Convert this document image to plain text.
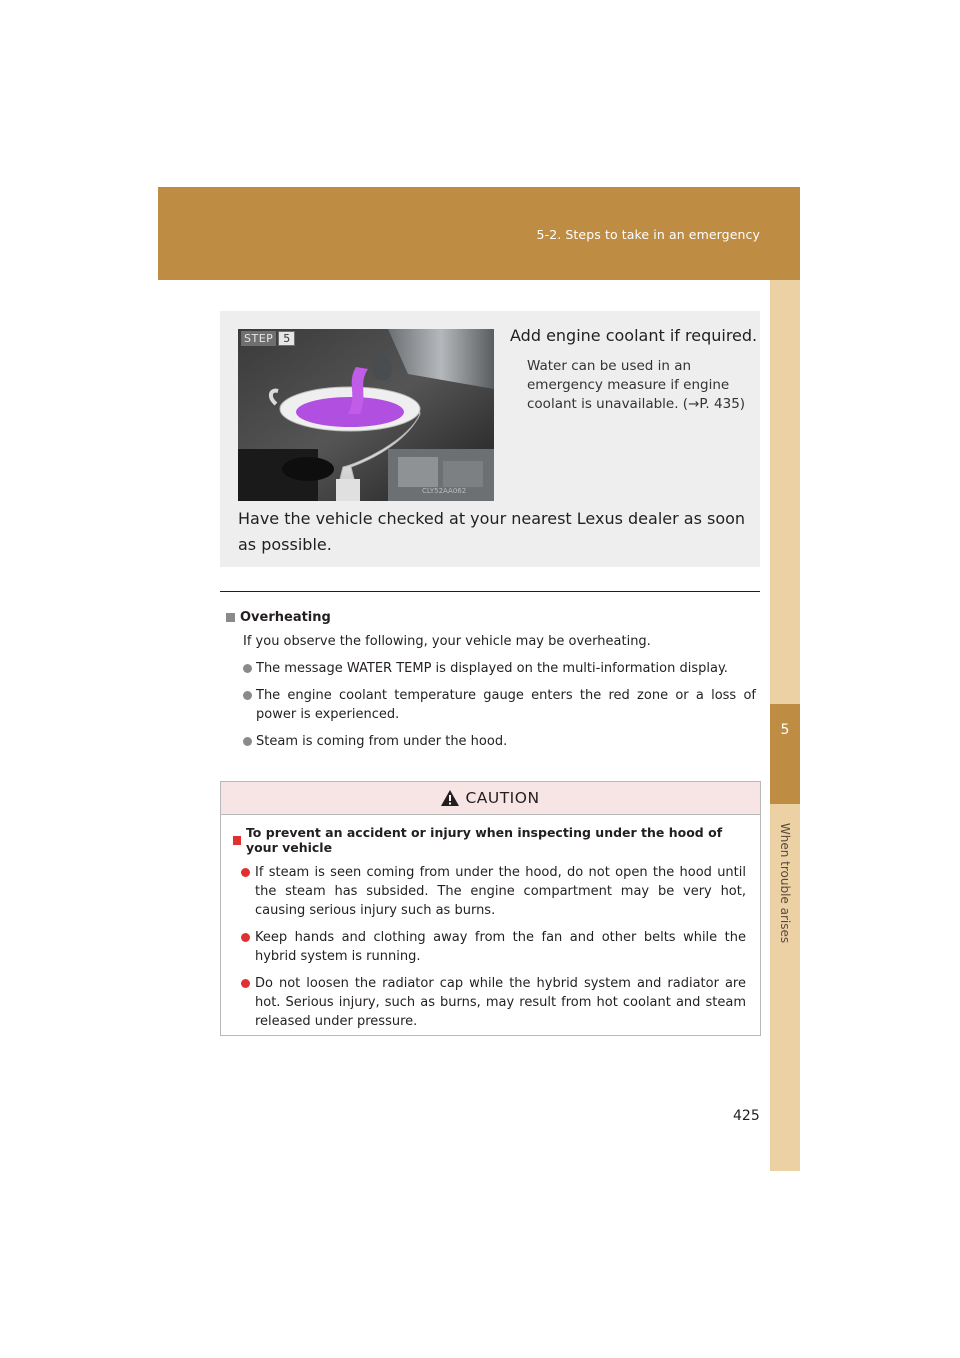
5-2. Steps to take in an emergency
5
When trouble arises
CLY52AA062
STEP 5	Add engine coolant if required.
Water can be used in an emergency measure if engine coolant is unavailable. (→P. 435)
Have the vehicle checked at your nearest Lexus dealer as soon as possible.
Overheating
If you observe the following, your vehicle may be overheating.
The message WATER TEMP is displayed on the multi-information display.
The engine coolant temperature gauge enters the red zone or a loss of power is experienced.
Steam is coming from under the hood.
CAUTION
To prevent an accident or injury when inspecting under the hood of your vehicle
If steam is seen coming from under the hood, do not open the hood until the steam has subsided. The engine compartment may be very hot, causing serious injury such as burns.
Keep hands and clothing away from the fan and other belts while the hybrid system is running.
Do not loosen the radiator cap while the hybrid system and radiator are hot. Serious injury, such as burns, may result from hot coolant and steam released under pressure.
425
